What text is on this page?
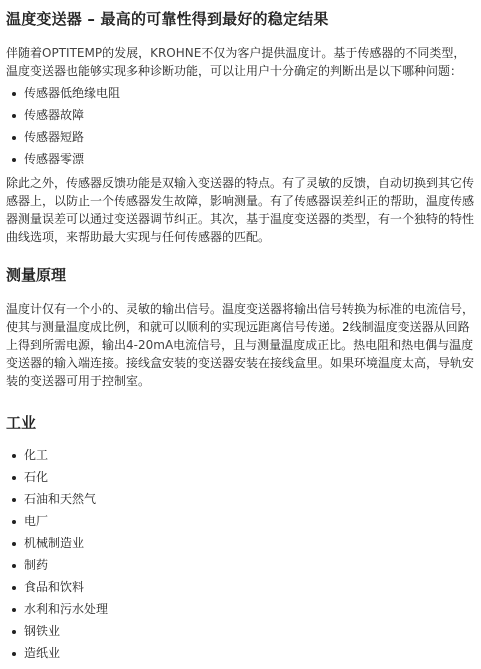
温度变送器 – 最高的可靠性得到最好的稳定结果

伴随着OPTITEMP的发展，KROHNE不仅为客户提供温度计。基于传感器的不同类型，温度变送器也能够实现多种诊断功能，可以让用户十分确定的判断出是以下哪种问题：

传感器低绝缘电阻
传感器故障
传感器短路
传感器零漂

除此之外，传感器反馈功能是双输入变送器的特点。有了灵敏的反馈，自动切换到其它传感器上，以防止一个传感器发生故障，影响测量。有了传感器误差纠正的帮助，温度传感器测量误差可以通过变送器调节纠正。其次，基于温度变送器的类型，有一个独特的特性曲线选项，来帮助最大实现与任何传感器的匹配。

测量原理

温度计仅有一个小的、灵敏的输出信号。温度变送器将输出信号转换为标准的电流信号，使其与测量温度成比例，和就可以顺利的实现远距离信号传递。2线制温度变送器从回路上得到所需电源，输出4-20mA电流信号，且与测量温度成正比。热电阻和热电偶与温度变送器的输入端连接。接线盒安装的变送器安装在接线盒里。如果环境温度太高，导轨安装的变送器可用于控制室。

工业
化工
石化
石油和天然气
电厂
机械制造业
制药
食品和饮料
水利和污水处理
钢铁业
造纸业
